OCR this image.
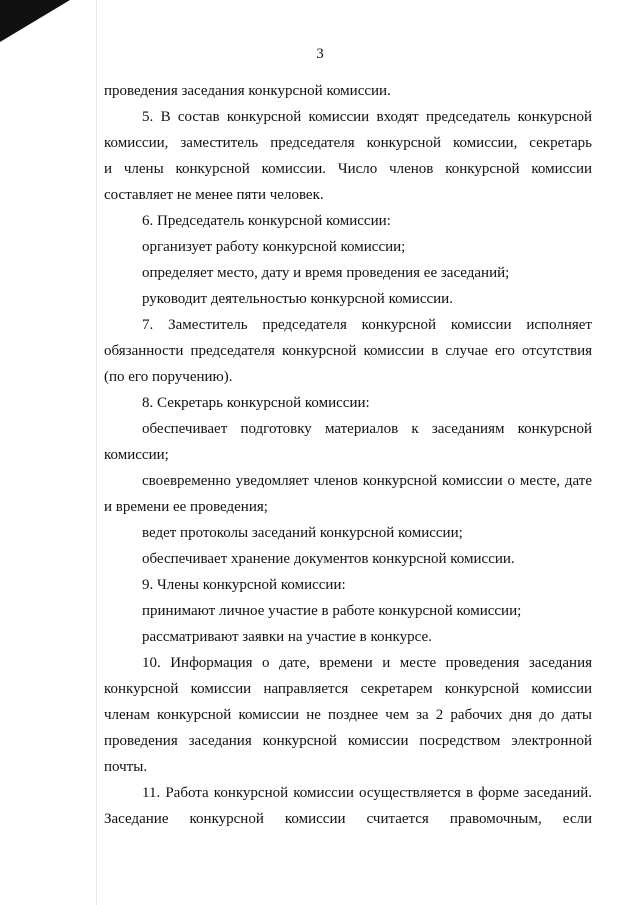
3
проведения заседания конкурсной комиссии.
5. В состав конкурсной комиссии входят председатель конкурсной
комиссии, заместитель председателя конкурсной комиссии, секретарь
и члены конкурсной комиссии. Число членов конкурсной комиссии
составляет не менее пяти человек.
6. Председатель конкурсной комиссии:
организует работу конкурсной комиссии;
определяет место, дату и время проведения ее заседаний;
руководит деятельностью конкурсной комиссии.
7. Заместитель председателя конкурсной комиссии исполняет
обязанности председателя конкурсной комиссии в случае его отсутствия
(по его поручению).
8. Секретарь конкурсной комиссии:
обеспечивает подготовку материалов к заседаниям конкурсной
комиссии;
своевременно уведомляет членов конкурсной комиссии о месте, дате
и времени ее проведения;
ведет протоколы заседаний конкурсной комиссии;
обеспечивает хранение документов конкурсной комиссии.
9. Члены конкурсной комиссии:
принимают личное участие в работе конкурсной комиссии;
рассматривают заявки на участие в конкурсе.
10. Информация о дате, времени и месте проведения заседания
конкурсной комиссии направляется секретарем конкурсной комиссии
членам конкурсной комиссии не позднее чем за 2 рабочих дня до даты
проведения заседания конкурсной комиссии посредством электронной
почты.
11. Работа конкурсной комиссии осуществляется в форме заседаний.
Заседание конкурсной комиссии считается правомочным, если
